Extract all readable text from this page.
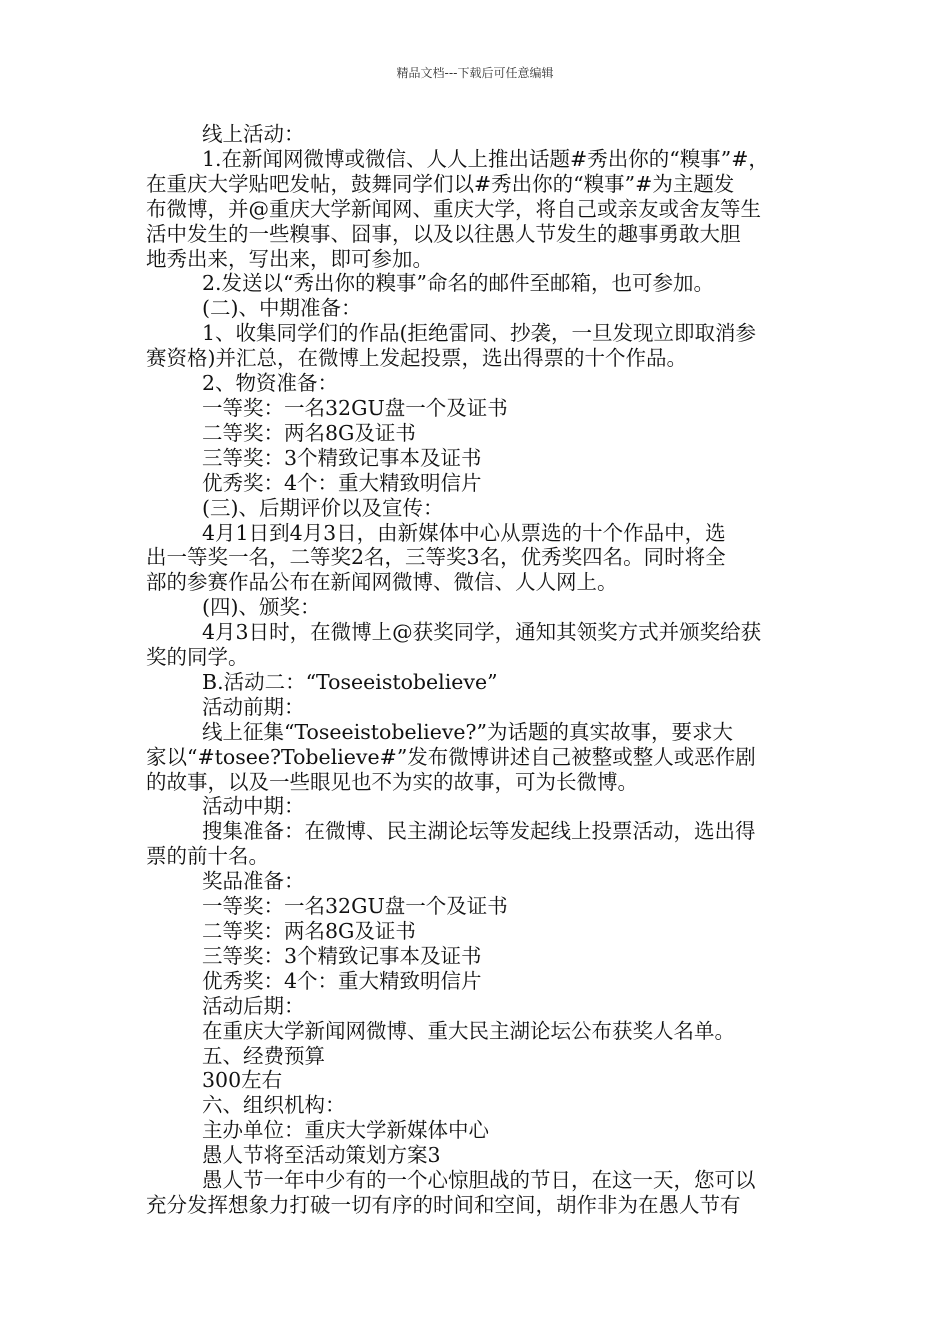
精品文档---下载后可任意编辑
线上活动：
1.在新闻网微博或微信、人人上推出话题#秀出你的“糗事”#，
在重庆大学贴吧发帖，鼓舞同学们以#秀出你的“糗事”#为主题发
布微博，并@重庆大学新闻网、重庆大学，将自己或亲友或舍友等生
活中发生的一些糗事、囧事，以及以往愚人节发生的趣事勇敢大胆
地秀出来，写出来，即可参加。
2.发送以“秀出你的糗事”命名的邮件至邮箱，也可参加。
(二)、中期准备：
1、收集同学们的作品(拒绝雷同、抄袭，一旦发现立即取消参
赛资格)并汇总，在微博上发起投票，选出得票的十个作品。
2、物资准备：
一等奖：一名32GU盘一个及证书
二等奖：两名8G及证书
三等奖：3个精致记事本及证书
优秀奖：4个：重大精致明信片
(三)、后期评价以及宣传：
4月1日到4月3日，由新媒体中心从票选的十个作品中，选
出一等奖一名，二等奖2名，三等奖3名，优秀奖四名。同时将全
部的参赛作品公布在新闻网微博、微信、人人网上。
(四)、颁奖：
4月3日时，在微博上@获奖同学，通知其领奖方式并颁奖给获
奖的同学。
B.活动二：“Toseeistobelieve”
活动前期：
线上征集“Toseeistobelieve?”为话题的真实故事，要求大
家以“#tosee?Tobelieve#”发布微博讲述自己被整或整人或恶作剧
的故事，以及一些眼见也不为实的故事，可为长微博。
活动中期：
搜集准备：在微博、民主湖论坛等发起线上投票活动，选出得
票的前十名。
奖品准备：
一等奖：一名32GU盘一个及证书
二等奖：两名8G及证书
三等奖：3个精致记事本及证书
优秀奖：4个：重大精致明信片
活动后期：
在重庆大学新闻网微博、重大民主湖论坛公布获奖人名单。
五、经费预算
300左右
六、组织机构：
主办单位：重庆大学新媒体中心
愚人节将至活动策划方案3
愚人节一年中少有的一个心惊胆战的节日，在这一天，您可以
充分发挥想象力打破一切有序的时间和空间，胡作非为在愚人节有
